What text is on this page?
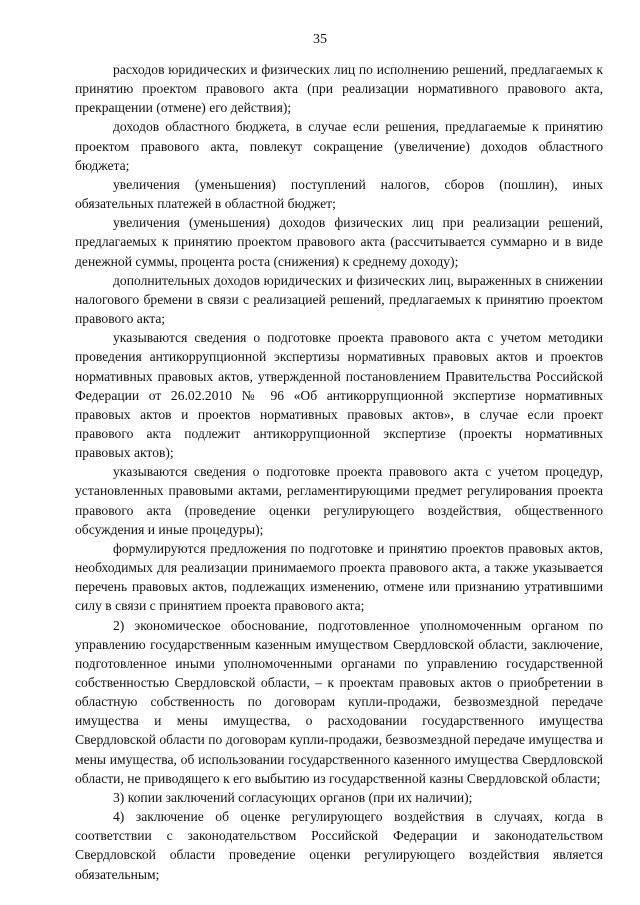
35

расходов юридических и физических лиц по исполнению решений, предлагаемых к принятию проектом правового акта (при реализации нормативного правового акта, прекращении (отмене) его действия);

доходов областного бюджета, в случае если решения, предлагаемые к принятию проектом правового акта, повлекут сокращение (увеличение) доходов областного бюджета;

увеличения (уменьшения) поступлений налогов, сборов (пошлин), иных обязательных платежей в областной бюджет;

увеличения (уменьшения) доходов физических лиц при реализации решений, предлагаемых к принятию проектом правового акта (рассчитывается суммарно и в виде денежной суммы, процента роста (снижения) к среднему доходу);

дополнительных доходов юридических и физических лиц, выраженных в снижении налогового бремени в связи с реализацией решений, предлагаемых к принятию проектом правового акта;

указываются сведения о подготовке проекта правового акта с учетом методики проведения антикоррупционной экспертизы нормативных правовых актов и проектов нормативных правовых актов, утвержденной постановлением Правительства Российской Федерации от 26.02.2010 № 96 «Об антикоррупционной экспертизе нормативных правовых актов и проектов нормативных правовых актов», в случае если проект правового акта подлежит антикоррупционной экспертизе (проекты нормативных правовых актов);

указываются сведения о подготовке проекта правового акта с учетом процедур, установленных правовыми актами, регламентирующими предмет регулирования проекта правового акта (проведение оценки регулирующего воздействия, общественного обсуждения и иные процедуры);

формулируются предложения по подготовке и принятию проектов правовых актов, необходимых для реализации принимаемого проекта правового акта, а также указывается перечень правовых актов, подлежащих изменению, отмене или признанию утратившими силу в связи с принятием проекта правового акта;

2) экономическое обоснование, подготовленное уполномоченным органом по управлению государственным казенным имуществом Свердловской области, заключение, подготовленное иными уполномоченными органами по управлению государственной собственностью Свердловской области, – к проектам правовых актов о приобретении в областную собственность по договорам купли-продажи, безвозмездной передаче имущества и мены имущества, о расходовании государственного имущества Свердловской области по договорам купли-продажи, безвозмездной передаче имущества и мены имущества, об использовании государственного казенного имущества Свердловской области, не приводящего к его выбытию из государственной казны Свердловской области;

3) копии заключений согласующих органов (при их наличии);

4) заключение об оценке регулирующего воздействия в случаях, когда в соответствии с законодательством Российской Федерации и законодательством Свердловской области проведение оценки регулирующего воздействия является обязательным;
